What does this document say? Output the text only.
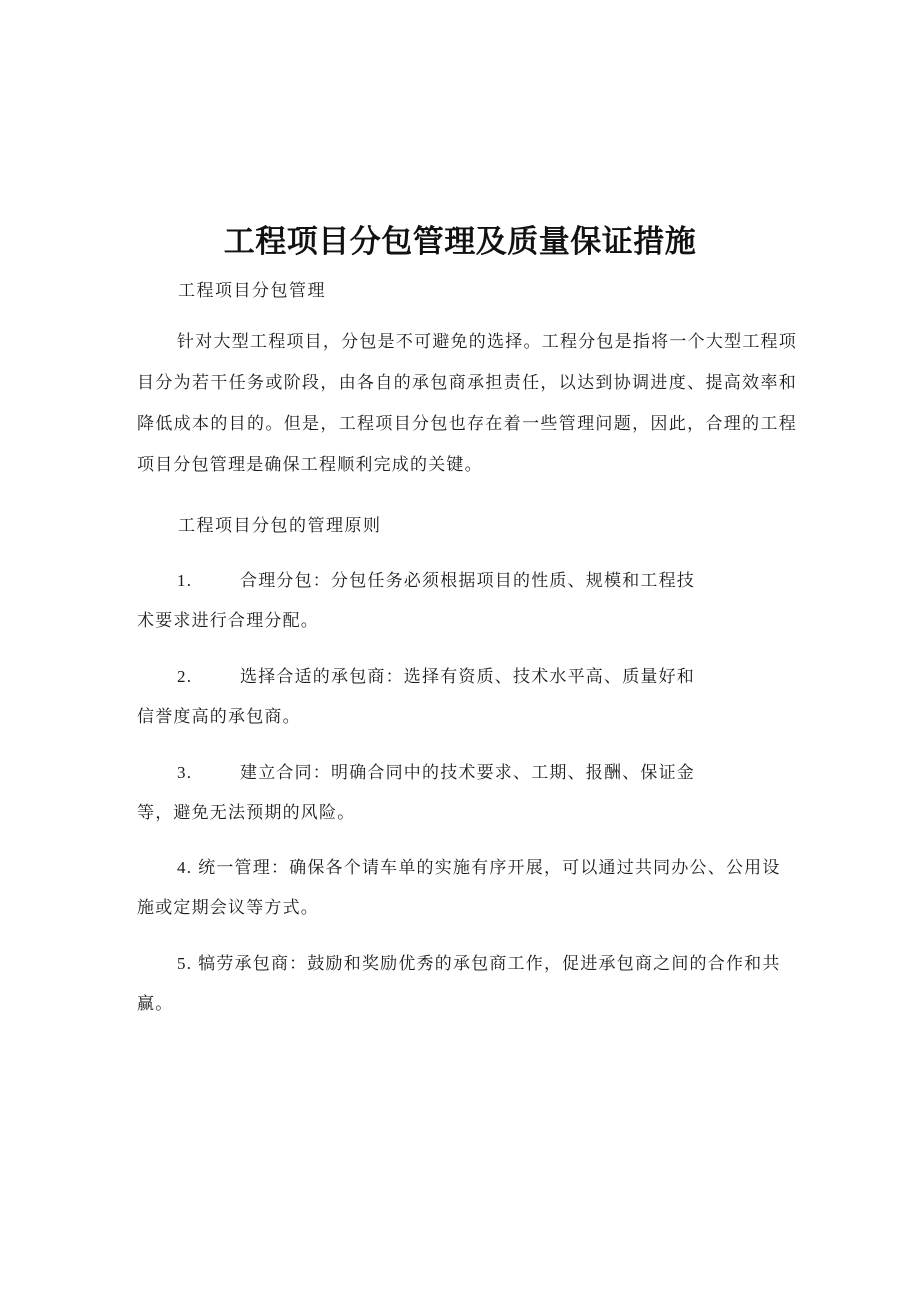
工程项目分包管理及质量保证措施
工程项目分包管理
针对大型工程项目，分包是不可避免的选择。工程分包是指将一个大型工程项目分为若干任务或阶段，由各自的承包商承担责任，以达到协调进度、提高效率和降低成本的目的。但是，工程项目分包也存在着一些管理问题，因此，合理的工程项目分包管理是确保工程顺利完成的关键。
工程项目分包的管理原则
1.	合理分包：分包任务必须根据项目的性质、规模和工程技
术要求进行合理分配。
2.	选择合适的承包商：选择有资质、技术水平高、质量好和
信誉度高的承包商。
3.	建立合同：明确合同中的技术要求、工期、报酬、保证金
等，避免无法预期的风险。
4. 统一管理：确保各个请车单的实施有序开展，可以通过共同办公、公用设
施或定期会议等方式。
5. 犒劳承包商：鼓励和奖励优秀的承包商工作，促进承包商之间的合作和共
赢。
